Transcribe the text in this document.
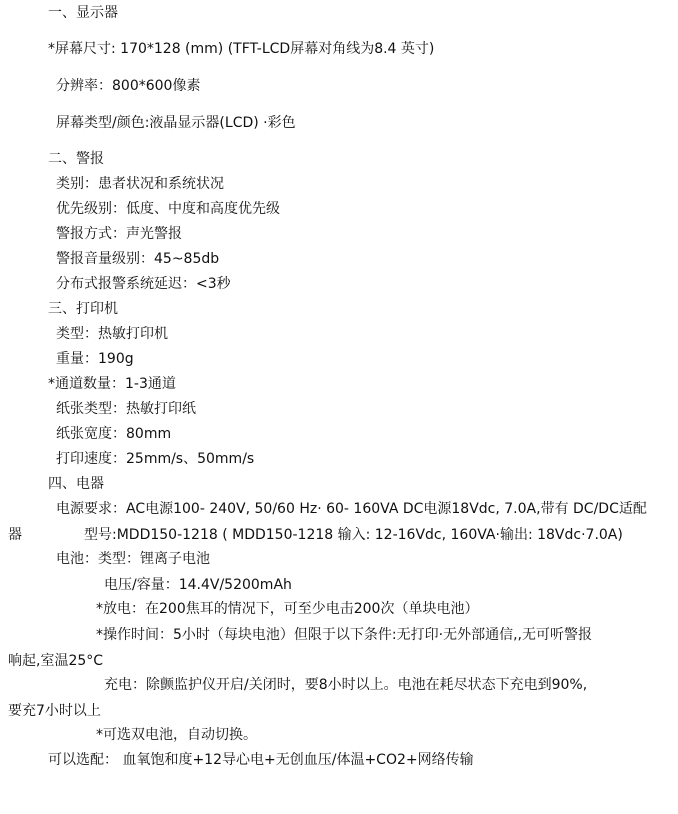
一、显示器
*屏幕尺寸: 170*128 (mm) (TFT-LCD屏幕对角线为8.4 英寸)
分辨率：800*600像素
屏幕类型/颜色:液晶显示器(LCD) ·彩色
二、警报
类别：患者状况和系统状况
优先级别：低度、中度和高度优先级
警报方式：声光警报
警报音量级别：45~85db
分布式报警系统延迟：<3秒
三、打印机
类型：热敏打印机
重量：190g
*通道数量：1-3通道
纸张类型：热敏打印纸
纸张宽度：80mm
打印速度：25mm/s、50mm/s
四、电器
电源要求：AC电源100- 240V, 50/60 Hz· 60- 160VA DC电源18Vdc, 7.0A,带有 DC/DC适配
器	型号:MDD150-1218 ( MDD150-1218 输入: 12-16Vdc, 160VA·输出: 18Vdc·7.0A)
电池：类型：锂离子电池
电压/容量：14.4V/5200mAh
*放电：在200焦耳的情况下，可至少电击200次（单块电池）
*操作时间：5小时（每块电池）但限于以下条件:无打印·无外部通信,,无可听警报
响起,室温25°C
充电：除颤监护仪开启/关闭时，要8小时以上。电池在耗尽状态下充电到90%,
要充7小时以上
*可选双电池，自动切换。
可以选配： 血氧饱和度+12导心电+无创血压/体温+CO2+网络传输
